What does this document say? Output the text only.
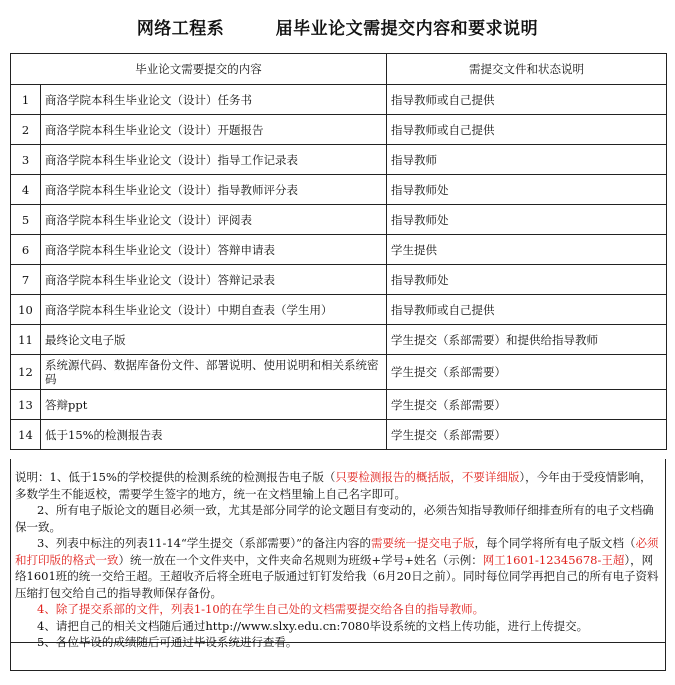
网络工程系        届毕业论文需提交内容和要求说明
毕业论文需要提交的内容		需提交文件和状态说明
1	商洛学院本科生毕业论文（设计）任务书	指导教师或自己提供
2	商洛学院本科生毕业论文（设计）开题报告	指导教师或自己提供
3	商洛学院本科生毕业论文（设计）指导工作记录表	指导教师
4	商洛学院本科生毕业论文（设计）指导教师评分表	指导教师处
5	商洛学院本科生毕业论文（设计）评阅表	指导教师处
6	商洛学院本科生毕业论文（设计）答辩申请表	学生提供
7	商洛学院本科生毕业论文（设计）答辩记录表	指导教师处
10	商洛学院本科生毕业论文（设计）中期自查表（学生用）	指导教师或自己提供
11	最终论文电子版	学生提交（系部需要）和提供给指导教师
12	系统源代码、数据库备份文件、部署说明、使用说明和相关系统密码	学生提交（系部需要）
13	答辩ppt	学生提交（系部需要）
14	低于15%的检测报告表	学生提交（系部需要）

说明：1、低于15%的学校提供的检测系统的检测报告电子版（只要检测报告的概括版，不要详细版），今年由于受疫情影响，多数学生不能返校，需要学生签字的地方，统一在文档里输上自己名字即可。

2、所有电子版论文的题目必须一致，尤其是部分同学的论文题目有变动的，必须告知指导教师仔细排查所有的电子文档确保一致。

3、列表中标注的列表11-14“学生提交（系部需要）”的备注内容的需要统一提交电子版，每个同学将所有电子版文档（必须和打印版的格式一致）统一放在一个文件夹中，文件夹命名规则为班级+学号+姓名（示例：网工1601-12345678-王超），网络1601班的统一交给王超。王超收齐后将全班电子版通过钉钉发给我（6月20日之前）。同时每位同学再把自己的所有电子资料压缩打包交给自己的指导教师保存备份。

4、除了提交系部的文件，列表1-10的在学生自己处的文档需要提交给各自的指导教师。

4、请把自己的相关文档随后通过http://www.slxy.edu.cn:7080毕设系统的文档上传功能，进行上传提交。

5、各位毕设的成绩随后可通过毕设系统进行查看。
